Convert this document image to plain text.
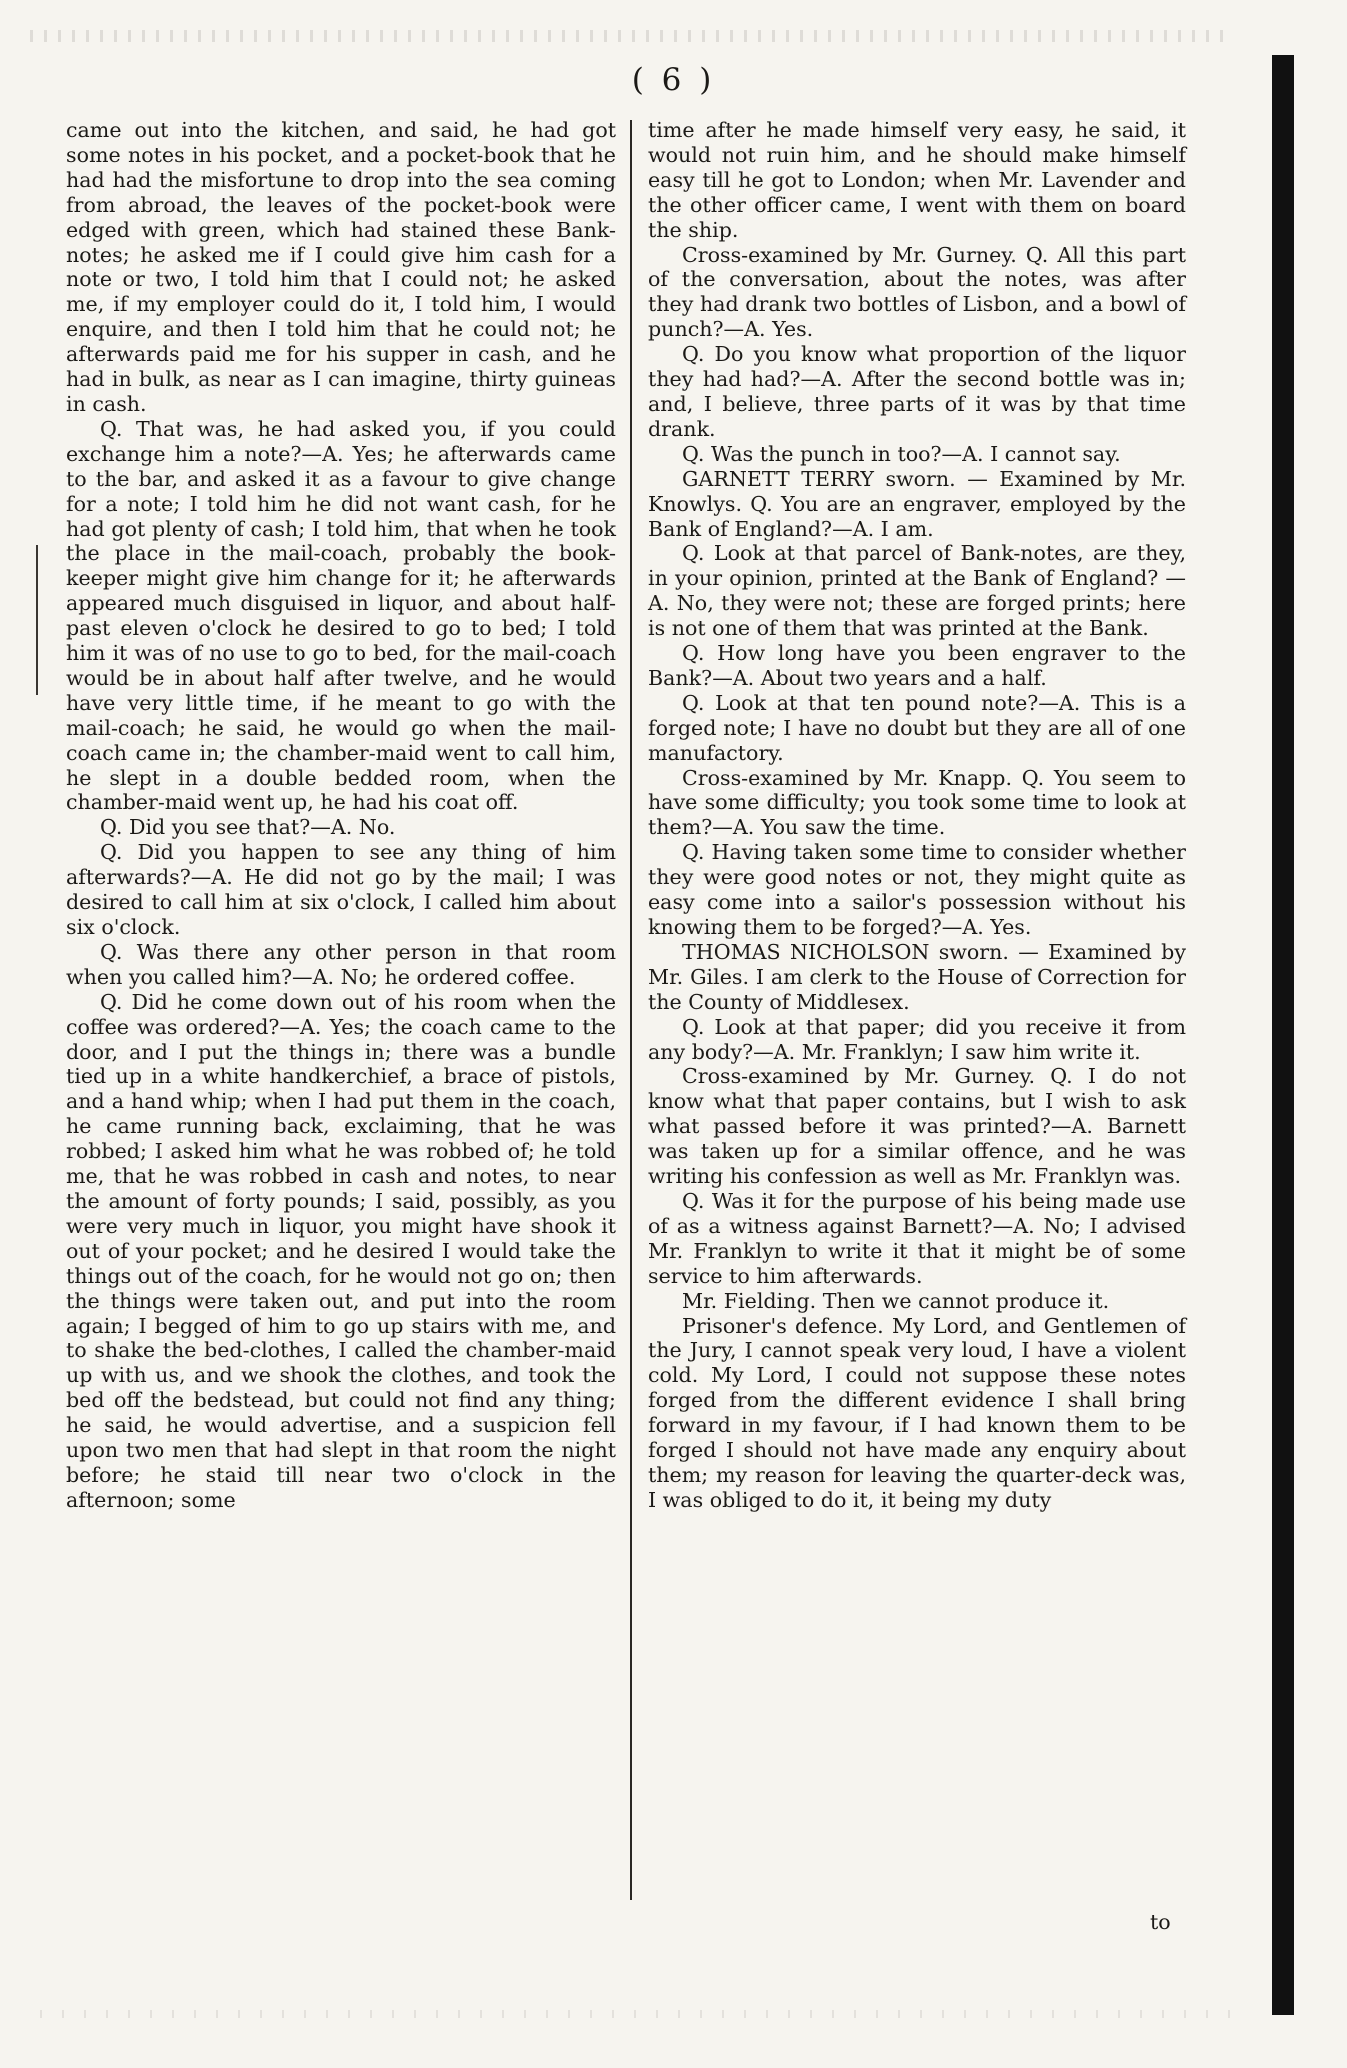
( 6 )

came out into the kitchen, and said, he had got some notes in his pocket, and a pocket-book that he had had the misfortune to drop into the sea coming from abroad, the leaves of the pocket-book were edged with green, which had stained these Bank-notes; he asked me if I could give him cash for a note or two, I told him that I could not; he asked me, if my employer could do it, I told him, I would enquire, and then I told him that he could not; he afterwards paid me for his supper in cash, and he had in bulk, as near as I can imagine, thirty guineas in cash.

Q. That was, he had asked you, if you could exchange him a note?—A. Yes; he afterwards came to the bar, and asked it as a favour to give change for a note; I told him he did not want cash, for he had got plenty of cash; I told him, that when he took the place in the mail-coach, probably the book-keeper might give him change for it; he afterwards appeared much disguised in liquor, and about half-past eleven o'clock he desired to go to bed; I told him it was of no use to go to bed, for the mail-coach would be in about half after twelve, and he would have very little time, if he meant to go with the mail-coach; he said, he would go when the mail-coach came in; the chamber-maid went to call him, he slept in a double bedded room, when the chamber-maid went up, he had his coat off.

Q. Did you see that?—A. No.

Q. Did you happen to see any thing of him afterwards?—A. He did not go by the mail; I was desired to call him at six o'clock, I called him about six o'clock.

Q. Was there any other person in that room when you called him?—A. No; he ordered coffee.

Q. Did he come down out of his room when the coffee was ordered?—A. Yes; the coach came to the door, and I put the things in; there was a bundle tied up in a white handkerchief, a brace of pistols, and a hand whip; when I had put them in the coach, he came running back, exclaiming, that he was robbed; I asked him what he was robbed of; he told me, that he was robbed in cash and notes, to near the amount of forty pounds; I said, possibly, as you were very much in liquor, you might have shook it out of your pocket; and he desired I would take the things out of the coach, for he would not go on; then the things were taken out, and put into the room again; I begged of him to go up stairs with me, and to shake the bed-clothes, I called the chamber-maid up with us, and we shook the clothes, and took the bed off the bedstead, but could not find any thing; he said, he would advertise, and a suspicion fell upon two men that had slept in that room the night before; he staid till near two o'clock in the afternoon; some

time after he made himself very easy, he said, it would not ruin him, and he should make himself easy till he got to London; when Mr. Lavender and the other officer came, I went with them on board the ship.

Cross-examined by Mr. Gurney. Q. All this part of the conversation, about the notes, was after they had drank two bottles of Lisbon, and a bowl of punch?—A. Yes.

Q. Do you know what proportion of the liquor they had had?—A. After the second bottle was in; and, I believe, three parts of it was by that time drank.

Q. Was the punch in too?—A. I cannot say.

GARNETT TERRY sworn. — Examined by Mr. Knowlys. Q. You are an engraver, employed by the Bank of England?—A. I am.

Q. Look at that parcel of Bank-notes, are they, in your opinion, printed at the Bank of England? —A. No, they were not; these are forged prints; here is not one of them that was printed at the Bank.

Q. How long have you been engraver to the Bank?—A. About two years and a half.

Q. Look at that ten pound note?—A. This is a forged note; I have no doubt but they are all of one manufactory.

Cross-examined by Mr. Knapp. Q. You seem to have some difficulty; you took some time to look at them?—A. You saw the time.

Q. Having taken some time to consider whether they were good notes or not, they might quite as easy come into a sailor's possession without his knowing them to be forged?—A. Yes.

THOMAS NICHOLSON sworn. — Examined by Mr. Giles. I am clerk to the House of Correction for the County of Middlesex.

Q. Look at that paper; did you receive it from any body?—A. Mr. Franklyn; I saw him write it.

Cross-examined by Mr. Gurney. Q. I do not know what that paper contains, but I wish to ask what passed before it was printed?—A. Barnett was taken up for a similar offence, and he was writing his confession as well as Mr. Franklyn was.

Q. Was it for the purpose of his being made use of as a witness against Barnett?—A. No; I advised Mr. Franklyn to write it that it might be of some service to him afterwards.

Mr. Fielding. Then we cannot produce it.

Prisoner's defence. My Lord, and Gentlemen of the Jury, I cannot speak very loud, I have a violent cold. My Lord, I could not suppose these notes forged from the different evidence I shall bring forward in my favour, if I had known them to be forged I should not have made any enquiry about them; my reason for leaving the quarter-deck was, I was obliged to do it, it being my duty

to
